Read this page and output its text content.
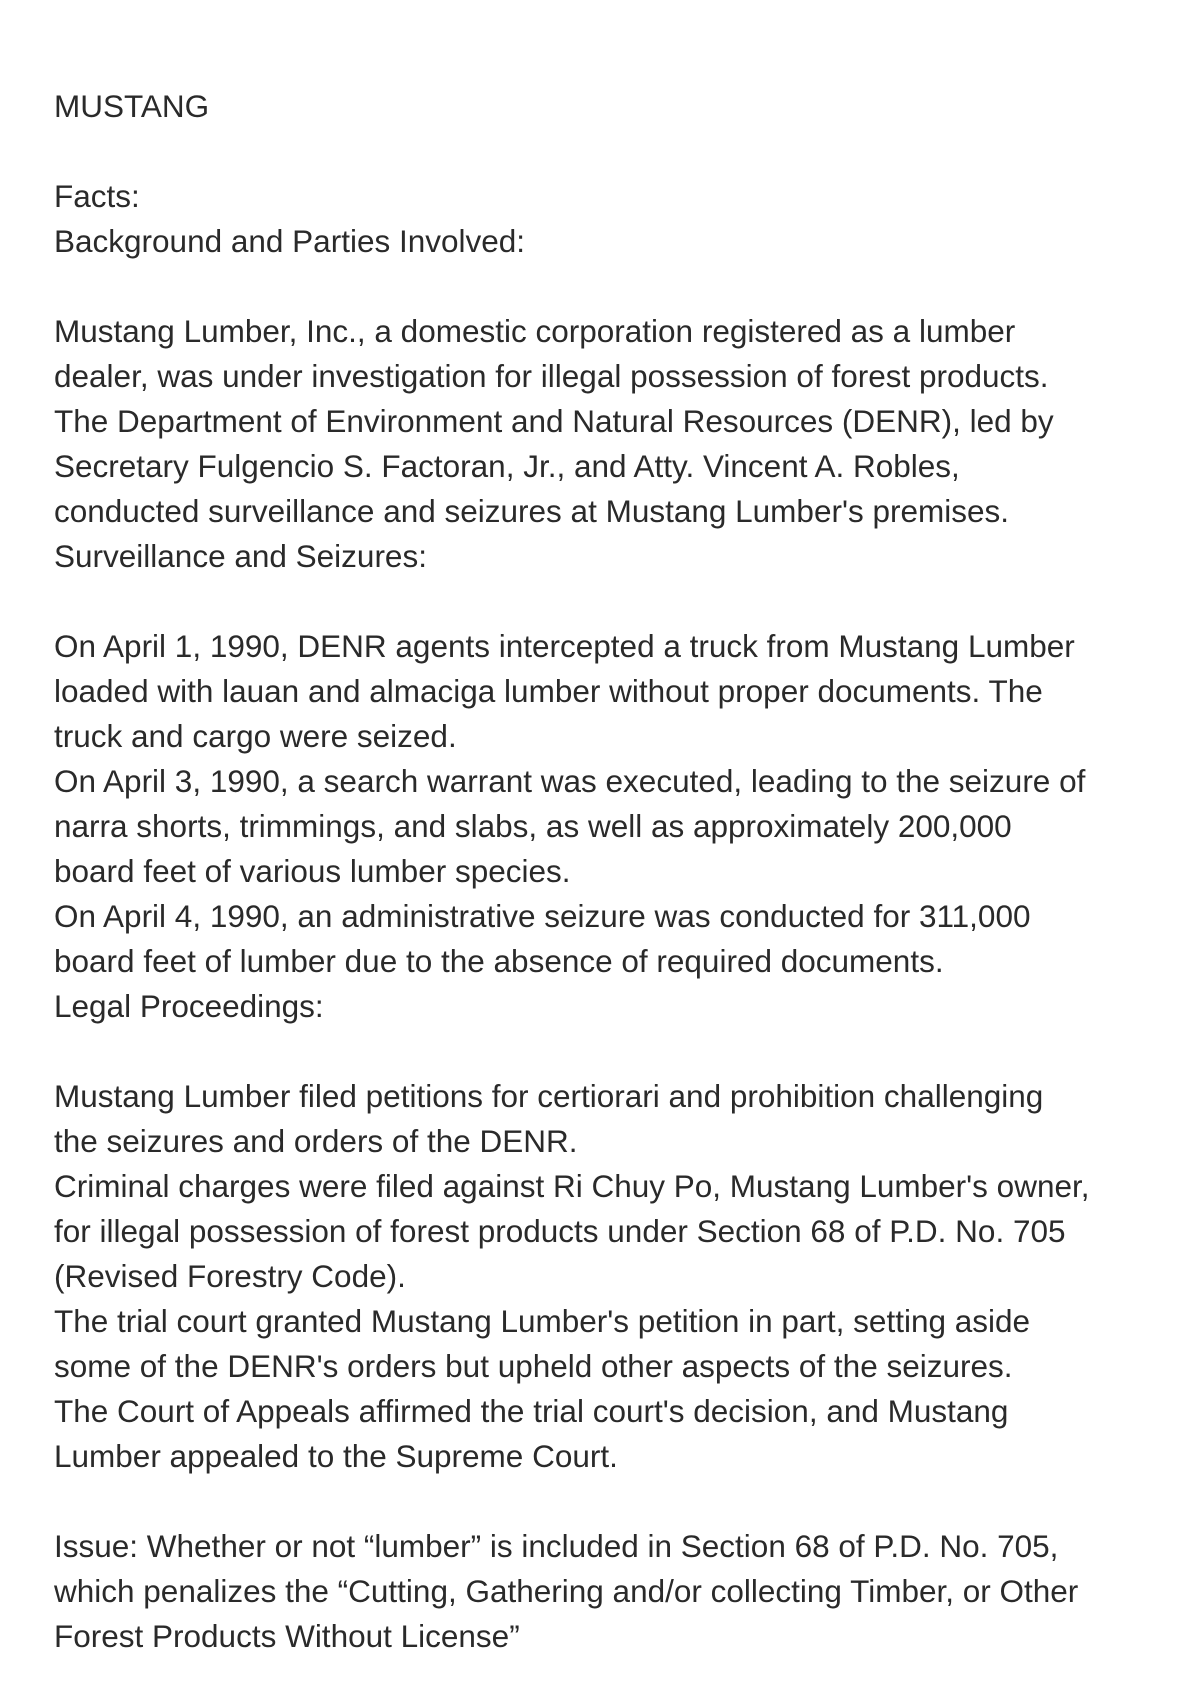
MUSTANG
Facts:
Background and Parties Involved:
Mustang Lumber, Inc., a domestic corporation registered as a lumber
dealer, was under investigation for illegal possession of forest products.
The Department of Environment and Natural Resources (DENR), led by
Secretary Fulgencio S. Factoran, Jr., and Atty. Vincent A. Robles,
conducted surveillance and seizures at Mustang Lumber's premises.
Surveillance and Seizures:
On April 1, 1990, DENR agents intercepted a truck from Mustang Lumber
loaded with lauan and almaciga lumber without proper documents. The
truck and cargo were seized.
On April 3, 1990, a search warrant was executed, leading to the seizure of
narra shorts, trimmings, and slabs, as well as approximately 200,000
board feet of various lumber species.
On April 4, 1990, an administrative seizure was conducted for 311,000
board feet of lumber due to the absence of required documents.
Legal Proceedings:
Mustang Lumber filed petitions for certiorari and prohibition challenging
the seizures and orders of the DENR.
Criminal charges were filed against Ri Chuy Po, Mustang Lumber's owner,
for illegal possession of forest products under Section 68 of P.D. No. 705
(Revised Forestry Code).
The trial court granted Mustang Lumber's petition in part, setting aside
some of the DENR's orders but upheld other aspects of the seizures.
The Court of Appeals affirmed the trial court's decision, and Mustang
Lumber appealed to the Supreme Court.
Issue: Whether or not “lumber” is included in Section 68 of P.D. No. 705,
which penalizes the “Cutting, Gathering and/or collecting Timber, or Other
Forest Products Without License”
